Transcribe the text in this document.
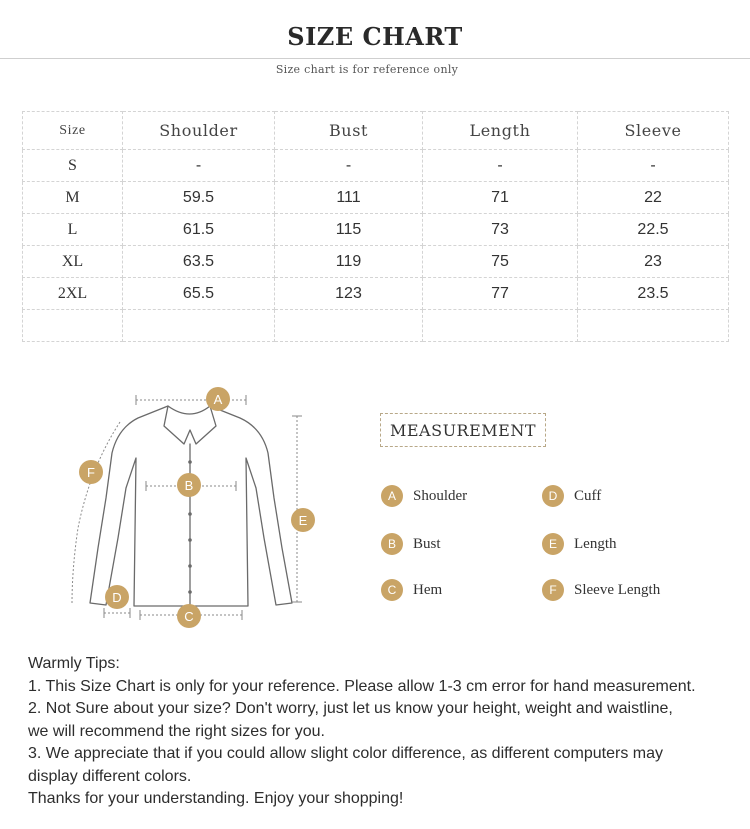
SIZE CHART
Size chart is for reference only
Size	Shoulder	Bust	Length	Sleeve
S	-	-	-	-
M	59.5	111	71	22
L	61.5	115	73	22.5
XL	63.5	119	75	23
2XL	65.5	123	77	23.5

A
B
C
D
E
F
MEASUREMENT
A	Shoulder
B	Bust
C	Hem
D	Cuff
E	Length
F	Sleeve Length
Warmly Tips:
1. This Size Chart is only for your reference. Please allow 1-3 cm error for hand measurement.
2. Not Sure about your size? Don't worry, just let us know your height, weight and waistline,
we will recommend the right sizes for you.
3. We appreciate that if you could allow slight color difference, as different computers may
display different colors.
Thanks for your understanding. Enjoy your shopping!
